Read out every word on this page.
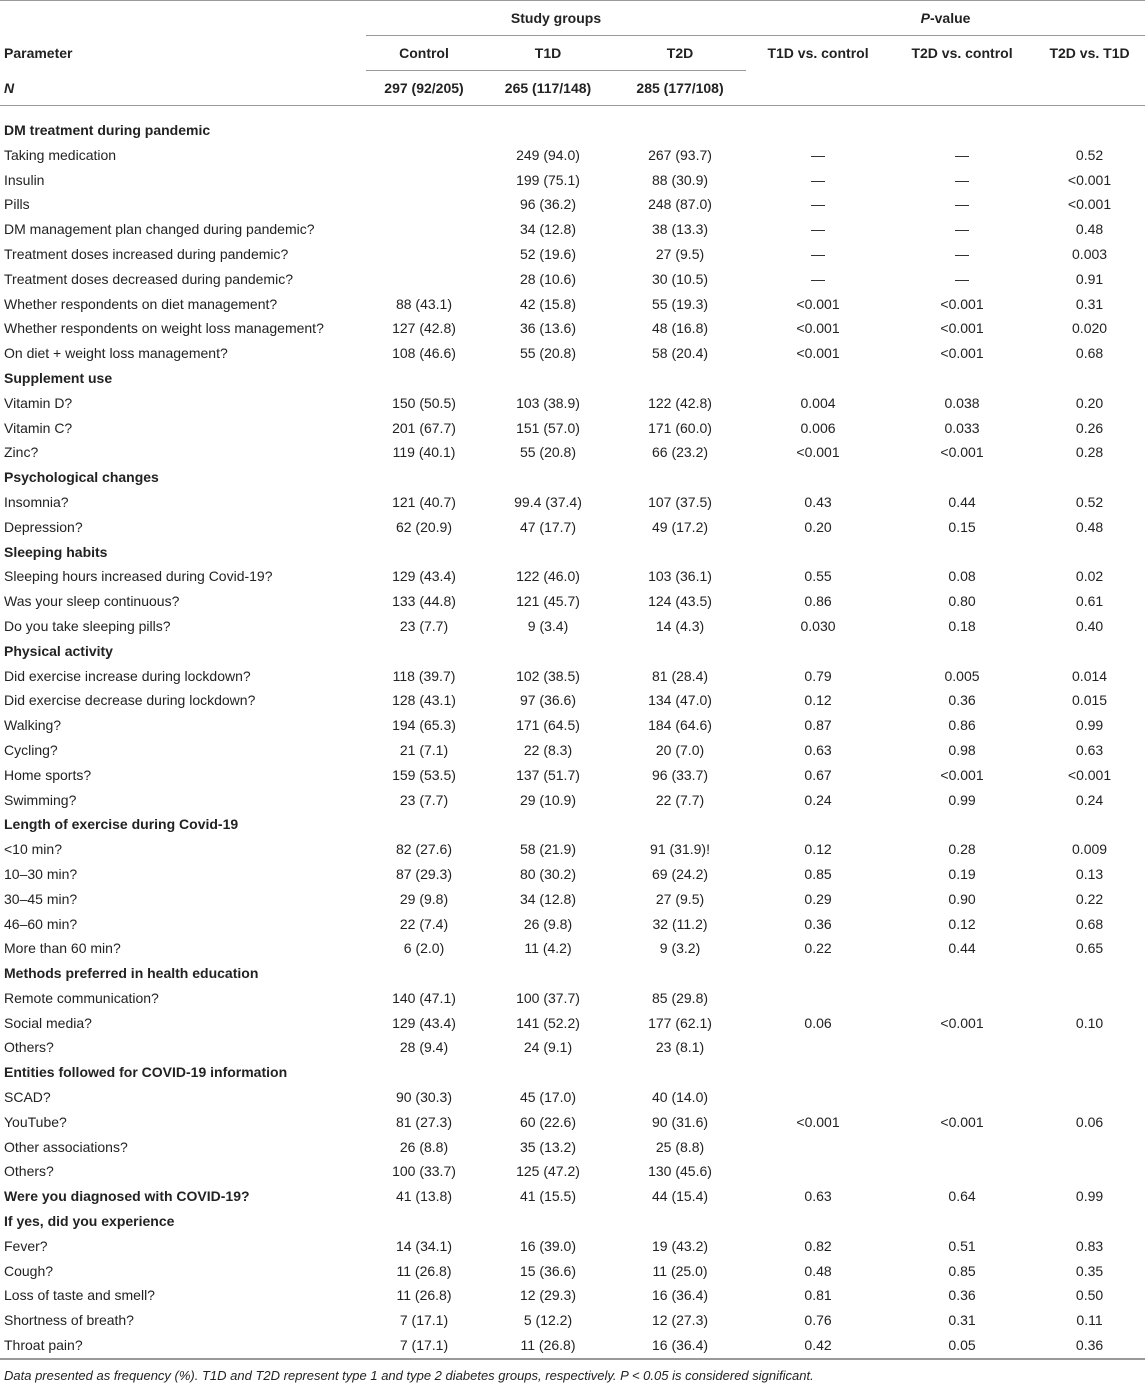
	Study groups			P-value		
Parameter	Control	T1D	T2D	T1D vs. control	T2D vs. control	T2D vs. T1D
N	297 (92/205)	265 (117/148)	285 (177/108)			

DM treatment during pandemic						
Taking medication		249 (94.0)	267 (93.7)	—	—	0.52
Insulin		199 (75.1)	88 (30.9)	—	—	<0.001
Pills		96 (36.2)	248 (87.0)	—	—	<0.001
DM management plan changed during pandemic?		34 (12.8)	38 (13.3)	—	—	0.48
Treatment doses increased during pandemic?		52 (19.6)	27 (9.5)	—	—	0.003
Treatment doses decreased during pandemic?		28 (10.6)	30 (10.5)	—	—	0.91
Whether respondents on diet management?	88 (43.1)	42 (15.8)	55 (19.3)	<0.001	<0.001	0.31
Whether respondents on weight loss management?	127 (42.8)	36 (13.6)	48 (16.8)	<0.001	<0.001	0.020
On diet + weight loss management?	108 (46.6)	55 (20.8)	58 (20.4)	<0.001	<0.001	0.68
Supplement use						
Vitamin D?	150 (50.5)	103 (38.9)	122 (42.8)	0.004	0.038	0.20
Vitamin C?	201 (67.7)	151 (57.0)	171 (60.0)	0.006	0.033	0.26
Zinc?	119 (40.1)	55 (20.8)	66 (23.2)	<0.001	<0.001	0.28
Psychological changes						
Insomnia?	121 (40.7)	99.4 (37.4)	107 (37.5)	0.43	0.44	0.52
Depression?	62 (20.9)	47 (17.7)	49 (17.2)	0.20	0.15	0.48
Sleeping habits						
Sleeping hours increased during Covid-19?	129 (43.4)	122 (46.0)	103 (36.1)	0.55	0.08	0.02
Was your sleep continuous?	133 (44.8)	121 (45.7)	124 (43.5)	0.86	0.80	0.61
Do you take sleeping pills?	23 (7.7)	9 (3.4)	14 (4.3)	0.030	0.18	0.40
Physical activity						
Did exercise increase during lockdown?	118 (39.7)	102 (38.5)	81 (28.4)	0.79	0.005	0.014
Did exercise decrease during lockdown?	128 (43.1)	97 (36.6)	134 (47.0)	0.12	0.36	0.015
Walking?	194 (65.3)	171 (64.5)	184 (64.6)	0.87	0.86	0.99
Cycling?	21 (7.1)	22 (8.3)	20 (7.0)	0.63	0.98	0.63
Home sports?	159 (53.5)	137 (51.7)	96 (33.7)	0.67	<0.001	<0.001
Swimming?	23 (7.7)	29 (10.9)	22 (7.7)	0.24	0.99	0.24
Length of exercise during Covid-19						
<10 min?	82 (27.6)	58 (21.9)	91 (31.9)!	0.12	0.28	0.009
10–30 min?	87 (29.3)	80 (30.2)	69 (24.2)	0.85	0.19	0.13
30–45 min?	29 (9.8)	34 (12.8)	27 (9.5)	0.29	0.90	0.22
46–60 min?	22 (7.4)	26 (9.8)	32 (11.2)	0.36	0.12	0.68
More than 60 min?	6 (2.0)	11 (4.2)	9 (3.2)	0.22	0.44	0.65
Methods preferred in health education						
Remote communication?	140 (47.1)	100 (37.7)	85 (29.8)			
Social media?	129 (43.4)	141 (52.2)	177 (62.1)	0.06	<0.001	0.10
Others?	28 (9.4)	24 (9.1)	23 (8.1)			
Entities followed for COVID-19 information						
SCAD?	90 (30.3)	45 (17.0)	40 (14.0)			
YouTube?	81 (27.3)	60 (22.6)	90 (31.6)	<0.001	<0.001	0.06
Other associations?	26 (8.8)	35 (13.2)	25 (8.8)			
Others?	100 (33.7)	125 (47.2)	130 (45.6)			
Were you diagnosed with COVID-19?	41 (13.8)	41 (15.5)	44 (15.4)	0.63	0.64	0.99
If yes, did you experience						
Fever?	14 (34.1)	16 (39.0)	19 (43.2)	0.82	0.51	0.83
Cough?	11 (26.8)	15 (36.6)	11 (25.0)	0.48	0.85	0.35
Loss of taste and smell?	11 (26.8)	12 (29.3)	16 (36.4)	0.81	0.36	0.50
Shortness of breath?	7 (17.1)	5 (12.2)	12 (27.3)	0.76	0.31	0.11
Throat pain?	7 (17.1)	11 (26.8)	16 (36.4)	0.42	0.05	0.36
Data presented as frequency (%). T1D and T2D represent type 1 and type 2 diabetes groups, respectively. P < 0.05 is considered significant.
